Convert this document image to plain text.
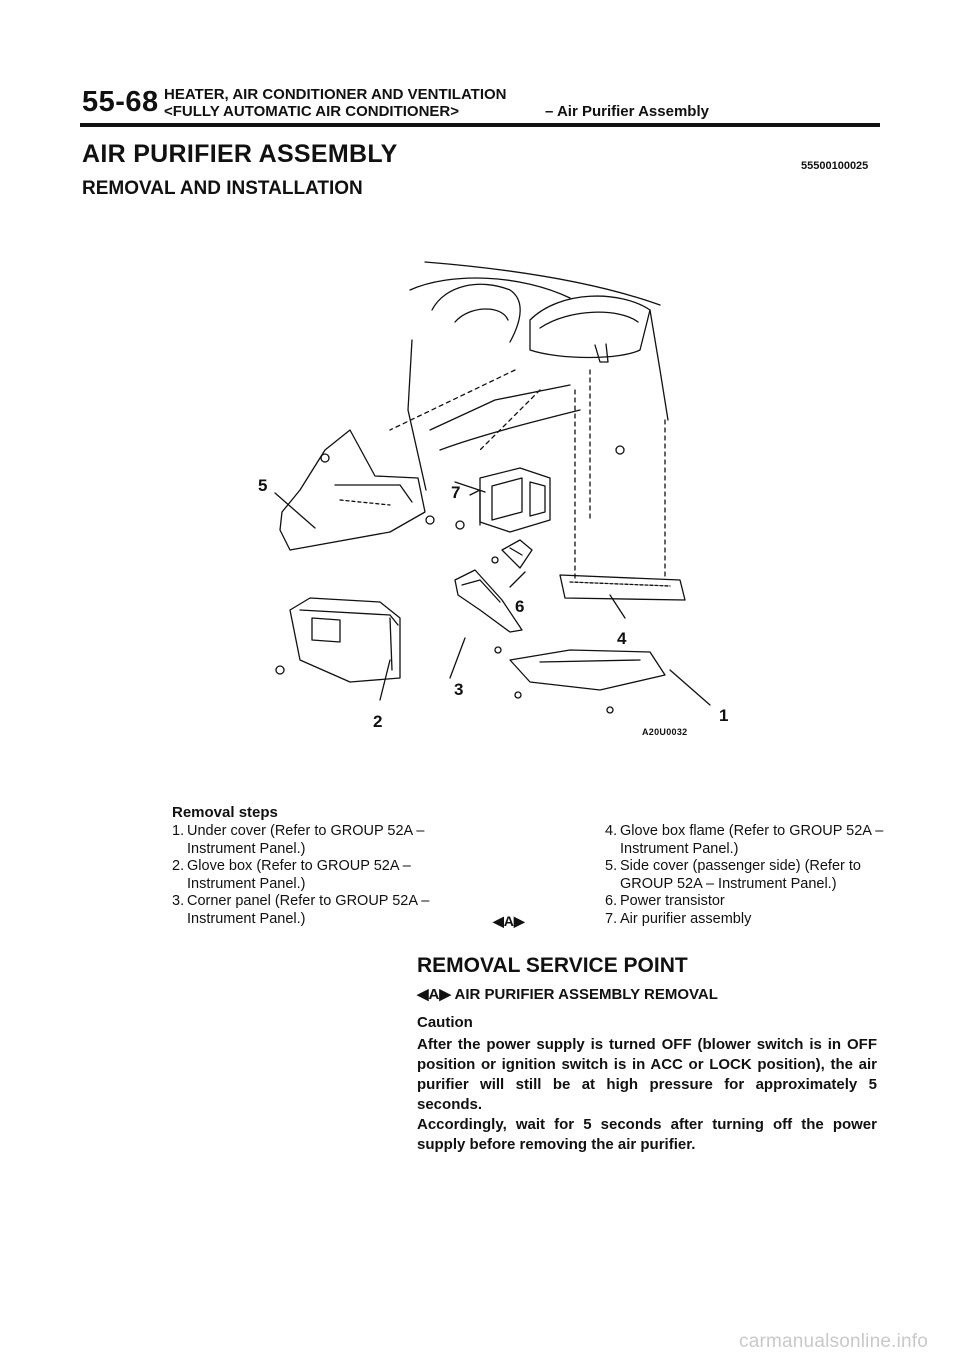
55-68 HEATER, AIR CONDITIONER AND VENTILATION
<FULLY AUTOMATIC AIR CONDITIONER>	– Air Purifier Assembly
AIR PURIFIER ASSEMBLY	55500100025
REMOVAL AND INSTALLATION
5	7
6
4
3
2	1
A20U0032
Removal steps
1. Under cover (Refer to GROUP 52A – Instrument Panel.)
2. Glove box (Refer to GROUP 52A – Instrument Panel.)
3. Corner panel (Refer to GROUP 52A – Instrument Panel.)
4. Glove box flame (Refer to GROUP 52A – Instrument Panel.)
5. Side cover (passenger side) (Refer to GROUP 52A – Instrument Panel.)
6. Power transistor
7. Air purifier assembly
◀A▶
REMOVAL SERVICE POINT
◀A▶ AIR PURIFIER ASSEMBLY REMOVAL
Caution

After the power supply is turned OFF (blower switch is in OFF position or ignition switch is in ACC or LOCK position), the air purifier will still be at high pressure for approximately 5 seconds.

Accordingly, wait for 5 seconds after turning off the power supply before removing the air purifier.

carmanualsonline.info
